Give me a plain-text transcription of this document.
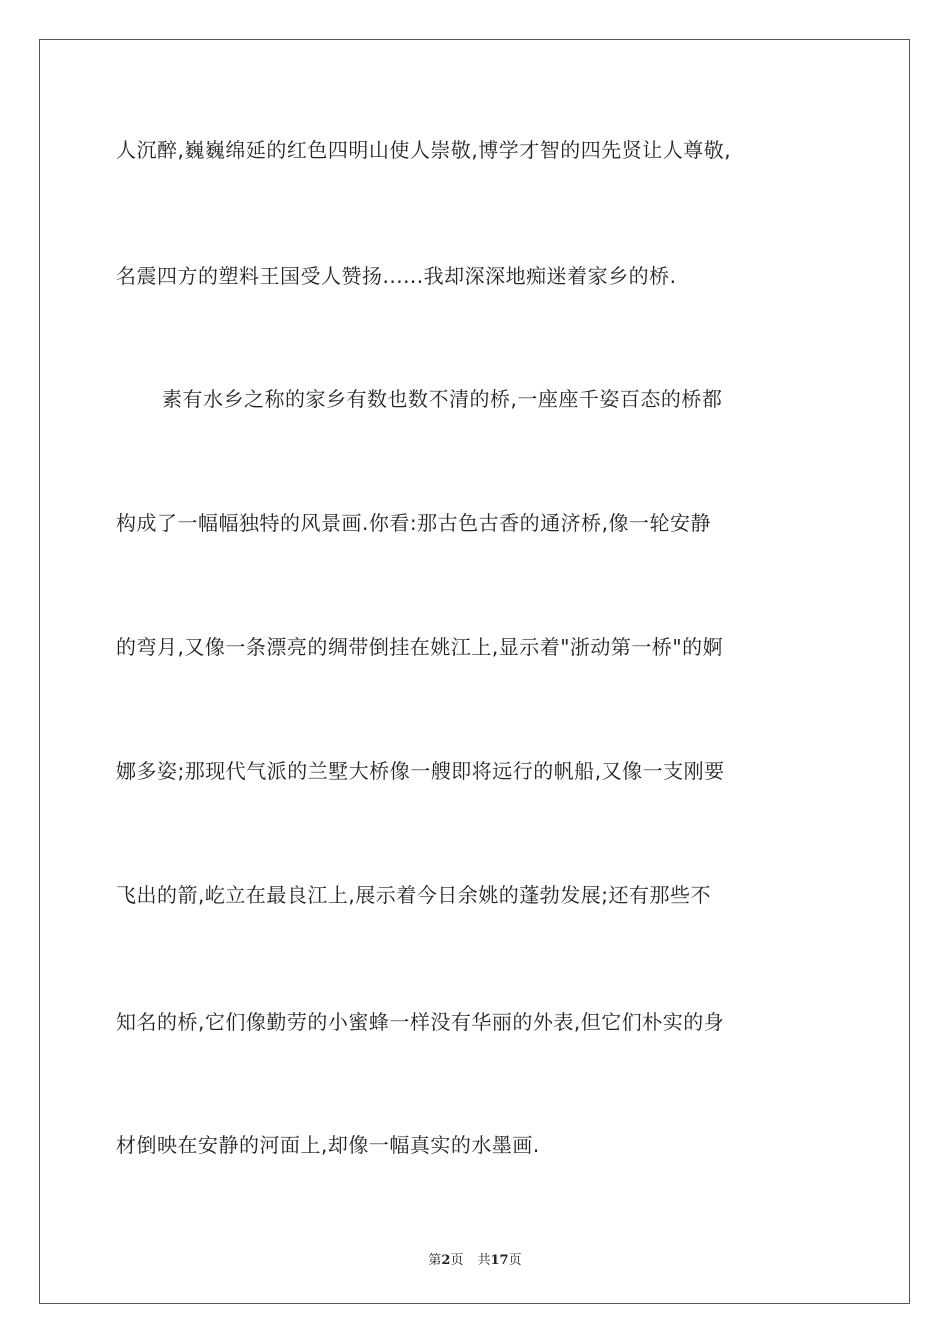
人沉醉,巍巍绵延的红色四明山使人崇敬,博学才智的四先贤让人尊敬,
名震四方的塑料王国受人赞扬......我却深深地痴迷着家乡的桥.
素有水乡之称的家乡有数也数不清的桥,一座座千姿百态的桥都
构成了一幅幅独特的风景画.你看:那古色古香的通济桥,像一轮安静
的弯月,又像一条漂亮的绸带倒挂在姚江上,显示着"浙动第一桥"的婀
娜多姿;那现代气派的兰墅大桥像一艘即将远行的帆船,又像一支刚要
飞出的箭,屹立在最良江上,展示着今日余姚的蓬勃发展;还有那些不
知名的桥,它们像勤劳的小蜜蜂一样没有华丽的外表,但它们朴实的身
材倒映在安静的河面上,却像一幅真实的水墨画.
第2页 共17页
